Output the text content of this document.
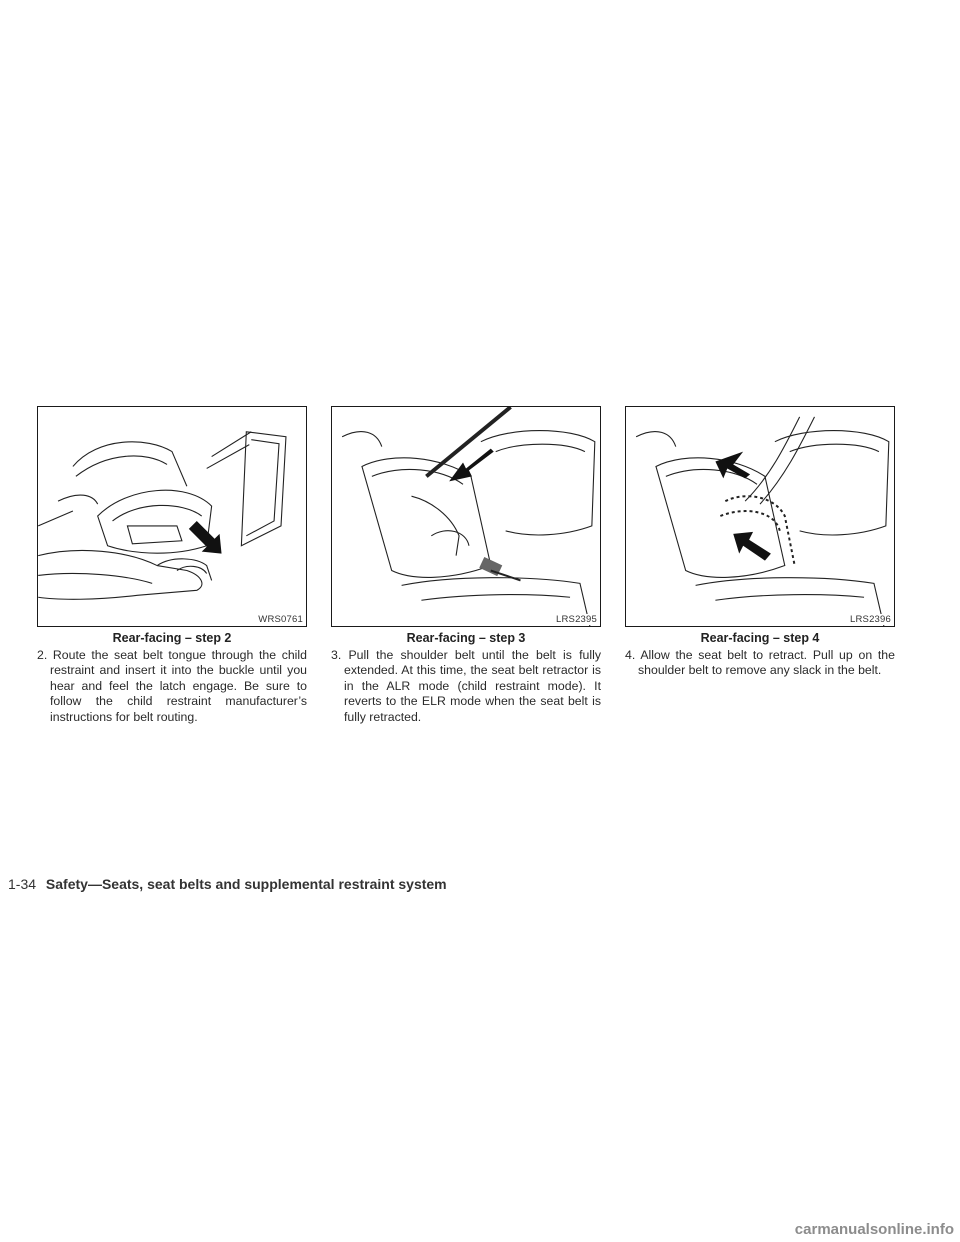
WRS0761
Rear-facing – step 2
2. Route the seat belt tongue through the child restraint and insert it into the buckle until you hear and feel the latch engage. Be sure to follow the child restraint manufacturer’s instructions for belt routing.
LRS2395
Rear-facing – step 3
3. Pull the shoulder belt until the belt is fully extended. At this time, the seat belt retractor is in the ALR mode (child restraint mode). It reverts to the ELR mode when the seat belt is fully retracted.
LRS2396
Rear-facing – step 4
4. Allow the seat belt to retract. Pull up on the shoulder belt to remove any slack in the belt.
1-34 Safety—Seats, seat belts and supplemental restraint system
carmanualsonline.info
